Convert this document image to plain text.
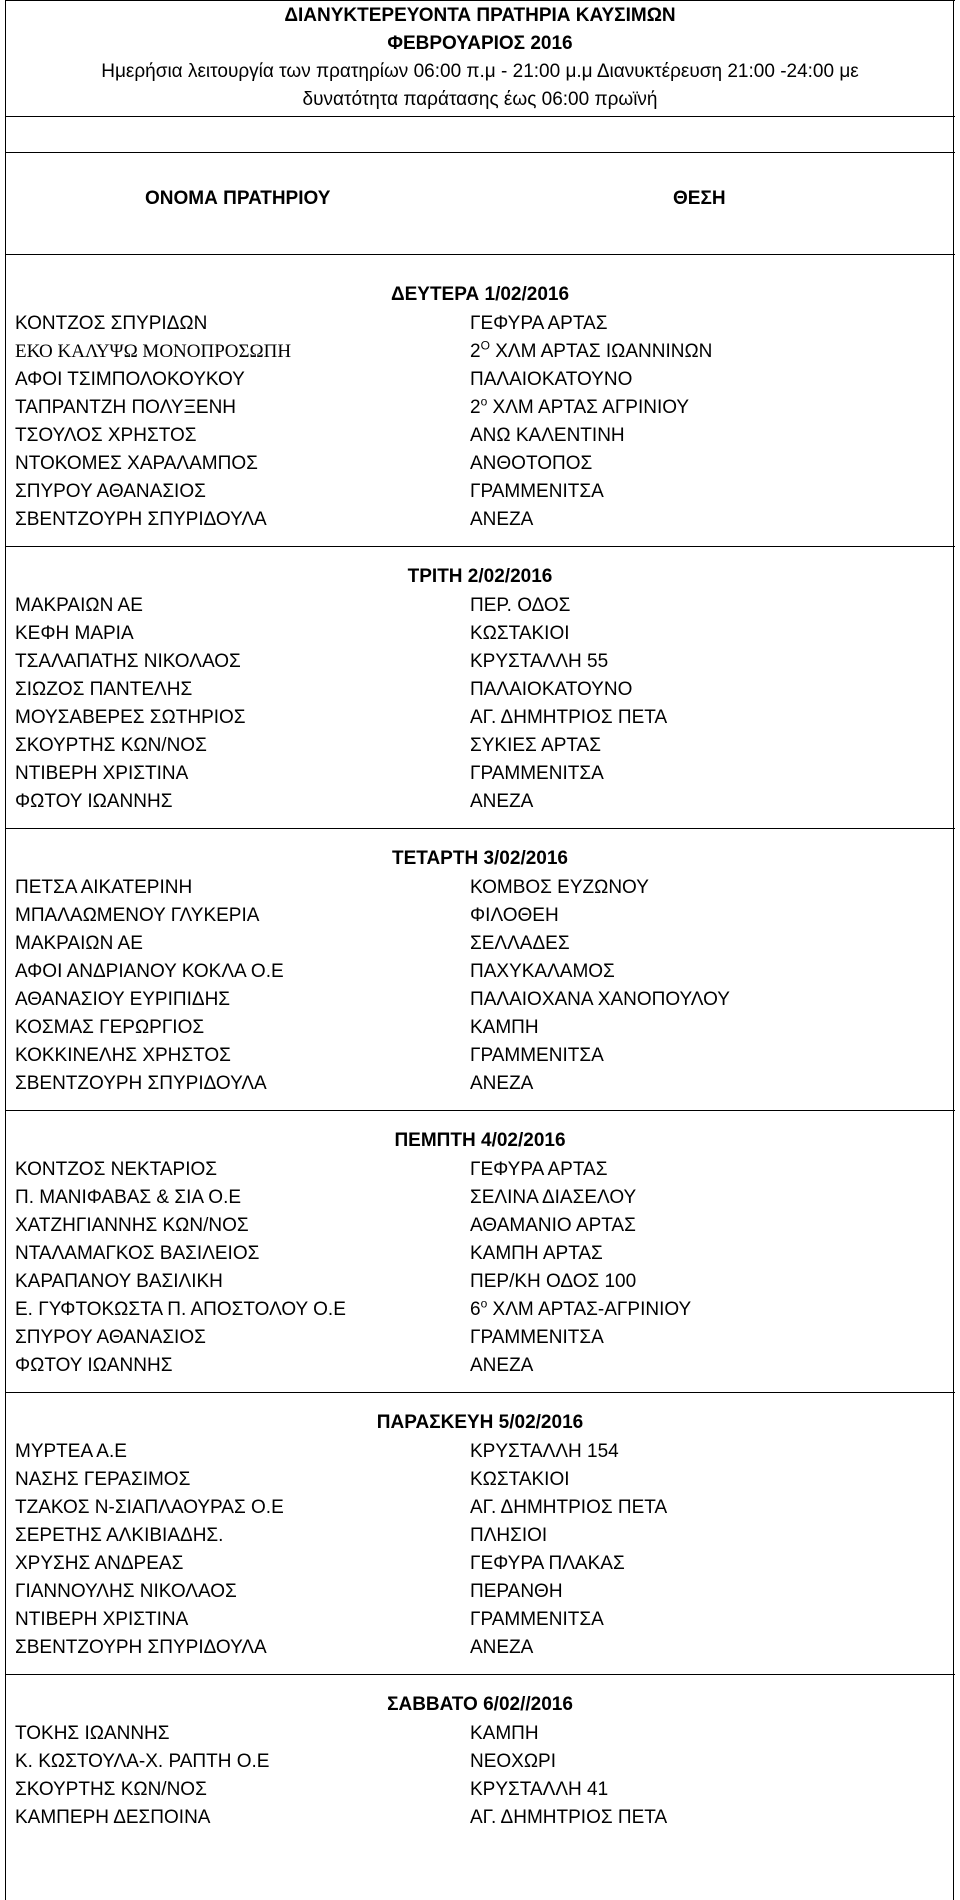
ΔΙΑΝΥΚΤΕΡΕΥΟΝΤΑ ΠΡΑΤΗΡΙΑ ΚΑΥΣΙΜΩΝ
ΦΕΒΡΟΥΑΡΙΟΣ 2016
Ημερήσια λειτουργία των πρατηρίων 06:00 π.μ - 21:00 μ.μ Διανυκτέρευση 21:00 -24:00 με
δυνατότητα παράτασης έως 06:00 πρωϊνή
ΟΝΟΜΑ ΠΡΑΤΗΡΙΟΥ	ΘΕΣΗ
ΔΕΥΤΕΡΑ 1/02/2016
ΚΟΝΤΖΟΣ ΣΠΥΡΙΔΩΝ	ΓΕΦΥΡΑ ΑΡΤΑΣ
ΕΚΟ ΚΑΛΥΨΩ ΜΟΝΟΠΡΟΣΩΠΗ	$2^O$ ΧΛΜ ΑΡΤΑΣ ΙΩΑΝΝΙΝΩΝ
ΑΦΟΙ ΤΣΙΜΠΟΛΟΚΟΥΚΟΥ	ΠΑΛΑΙΟΚΑΤΟΥΝΟ
ΤΑΠΡΑΝΤΖΗ ΠΟΛΥΞΕΝΗ	$2^o$ ΧΛΜ ΑΡΤΑΣ ΑΓΡΙΝΙΟΥ
ΤΣΟΥΛΟΣ ΧΡΗΣΤΟΣ	ΑΝΩ ΚΑΛΕΝΤΙΝΗ
ΝΤΟΚΟΜΕΣ ΧΑΡΑΛΑΜΠΟΣ	ΑΝΘΟΤΟΠΟΣ
ΣΠΥΡΟΥ ΑΘΑΝΑΣΙΟΣ	ΓΡΑΜΜΕΝΙΤΣΑ
ΣΒΕΝΤΖΟΥΡΗ ΣΠΥΡΙΔΟΥΛΑ	ΑΝΕΖΑ
ΤΡΙΤΗ 2/02/2016
ΜΑΚΡΑΙΩΝ ΑΕ	ΠΕΡ. ΟΔΟΣ
ΚΕΦΗ ΜΑΡΙΑ	ΚΩΣΤΑΚΙΟΙ
ΤΣΑΛΑΠΑΤΗΣ ΝΙΚΟΛΑΟΣ	ΚΡΥΣΤΑΛΛΗ 55
ΣΙΩΖΟΣ ΠΑΝΤΕΛΗΣ	ΠΑΛΑΙΟΚΑΤΟΥΝΟ
ΜΟΥΣΑΒΕΡΕΣ ΣΩΤΗΡΙΟΣ	ΑΓ. ΔΗΜΗΤΡΙΟΣ ΠΕΤΑ
ΣΚΟΥΡΤΗΣ ΚΩΝ/ΝΟΣ	ΣΥΚΙΕΣ ΑΡΤΑΣ
ΝΤΙΒΕΡΗ ΧΡΙΣΤΙΝΑ	ΓΡΑΜΜΕΝΙΤΣΑ
ΦΩΤΟΥ ΙΩΑΝΝΗΣ	ΑΝΕΖΑ
ΤΕΤΑΡΤΗ 3/02/2016
ΠΕΤΣΑ ΑΙΚΑΤΕΡΙΝΗ	ΚΟΜΒΟΣ ΕΥΖΩΝΟΥ
ΜΠΑΛΑΩΜΕΝΟΥ ΓΛΥΚΕΡΙΑ	ΦΙΛΟΘΕΗ
ΜΑΚΡΑΙΩΝ ΑΕ	ΣΕΛΛΑΔΕΣ
ΑΦΟΙ ΑΝΔΡΙΑΝΟΥ ΚΟΚΛΑ Ο.Ε	ΠΑΧΥΚΑΛΑΜΟΣ
ΑΘΑΝΑΣΙΟΥ ΕΥΡΙΠΙΔΗΣ	ΠΑΛΑΙΟΧΑΝΑ ΧΑΝΟΠΟΥΛΟΥ
ΚΟΣΜΑΣ ΓΕΡΩΡΓΙΟΣ	ΚΑΜΠΗ
ΚΟΚΚΙΝΕΛΗΣ ΧΡΗΣΤΟΣ	ΓΡΑΜΜΕΝΙΤΣΑ
ΣΒΕΝΤΖΟΥΡΗ ΣΠΥΡΙΔΟΥΛΑ	ΑΝΕΖΑ
ΠΕΜΠΤΗ 4/02/2016
ΚΟΝΤΖΟΣ ΝΕΚΤΑΡΙΟΣ	ΓΕΦΥΡΑ ΑΡΤΑΣ
Π. ΜΑΝΙΦΑΒΑΣ & ΣΙΑ Ο.Ε	ΣΕΛΙΝΑ ΔΙΑΣΕΛΟΥ
ΧΑΤΖΗΓΙΑΝΝΗΣ ΚΩΝ/ΝΟΣ	ΑΘΑΜΑΝΙΟ ΑΡΤΑΣ
ΝΤΑΛΑΜΑΓΚΟΣ ΒΑΣΙΛΕΙΟΣ	ΚΑΜΠΗ ΑΡΤΑΣ
ΚΑΡΑΠΑΝΟΥ ΒΑΣΙΛΙΚΗ	ΠΕΡ/ΚΗ ΟΔΟΣ 100
Ε. ΓΥΦΤΟΚΩΣΤΑ Π. ΑΠΟΣΤΟΛΟΥ Ο.Ε	$6^o$ ΧΛΜ ΑΡΤΑΣ-ΑΓΡΙΝΙΟΥ
ΣΠΥΡΟΥ ΑΘΑΝΑΣΙΟΣ	ΓΡΑΜΜΕΝΙΤΣΑ
ΦΩΤΟΥ ΙΩΑΝΝΗΣ	ΑΝΕΖΑ
ΠΑΡΑΣΚΕΥΗ 5/02/2016
ΜΥΡΤΕΑ Α.Ε	ΚΡΥΣΤΑΛΛΗ 154
ΝΑΣΗΣ ΓΕΡΑΣΙΜΟΣ	ΚΩΣΤΑΚΙΟΙ
ΤΖΑΚΟΣ Ν-ΣΙΑΠΛΑΟΥΡΑΣ Ο.Ε	ΑΓ. ΔΗΜΗΤΡΙΟΣ ΠΕΤΑ
ΣΕΡΕΤΗΣ ΑΛΚΙΒΙΑΔΗΣ.	ΠΛΗΣΙΟΙ
ΧΡΥΣΗΣ ΑΝΔΡΕΑΣ	ΓΕΦΥΡΑ ΠΛΑΚΑΣ
ΓΙΑΝΝΟΥΛΗΣ ΝΙΚΟΛΑΟΣ	ΠΕΡΑΝΘΗ
ΝΤΙΒΕΡΗ ΧΡΙΣΤΙΝΑ	ΓΡΑΜΜΕΝΙΤΣΑ
ΣΒΕΝΤΖΟΥΡΗ ΣΠΥΡΙΔΟΥΛΑ	ΑΝΕΖΑ
ΣΑΒΒΑΤΟ 6/02//2016
ΤΟΚΗΣ ΙΩΑΝΝΗΣ	ΚΑΜΠΗ
Κ. ΚΩΣΤΟΥΛΑ-Χ. ΡΑΠΤΗ Ο.Ε	ΝΕΟΧΩΡΙ
ΣΚΟΥΡΤΗΣ ΚΩΝ/ΝΟΣ	ΚΡΥΣΤΑΛΛΗ 41
ΚΑΜΠΕΡΗ ΔΕΣΠΟΙΝΑ	ΑΓ. ΔΗΜΗΤΡΙΟΣ ΠΕΤΑ
